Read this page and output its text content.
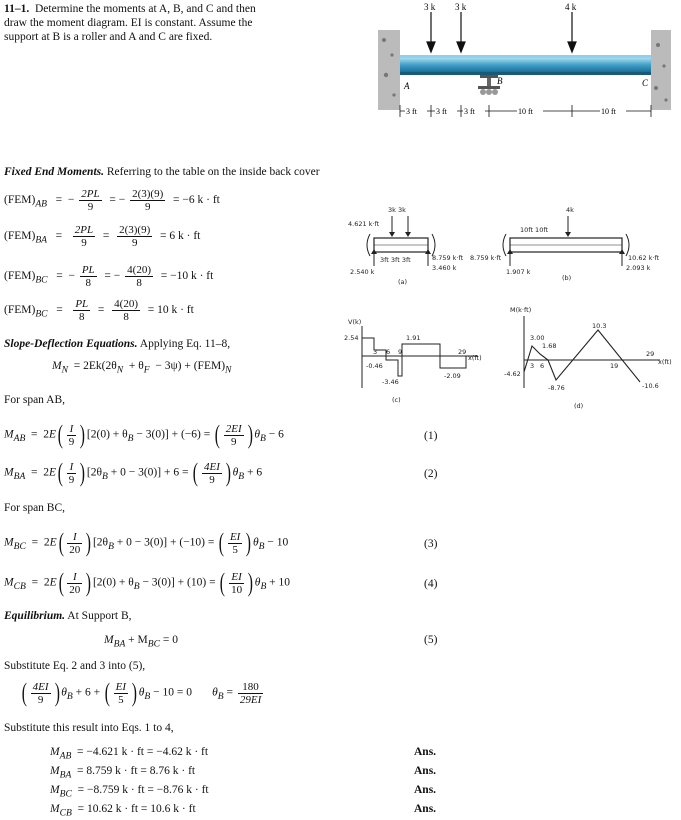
11–1. Determine the moments at A, B, and C and then
draw the moment diagram. EI is constant. Assume the
support at B is a roller and A and C are fixed.
3 k 3 k	4 k
A	B	C
3 ft 3 ft 3 ft	10 ft	10 ft
Fixed End Moments. Referring to the table on the inside back cover
$(FEM)_{AB}$   =  − $\frac{2PL}{9}$ = − $\frac{2(3)(9)}{9} = -6$ k · ft
$(FEM)_{BA} = \frac{2PL}{9} = \frac{2(3)(9)}{9} = 6$ k · ft
$(FEM)_{BC}$   =  − $\frac{PL}{8}$ = − $\frac{4(20)}{8} = -10$ k · ft
$(FEM)_{BC} = \frac{PL}{8} = \frac{4(20)}{8} = 10$ k · ft
Slope-Deflection Equations. Applying Eq. 11–8,
$M_N = 2Ek(2\theta_N + \theta_F - 3\psi) + (FEM)_N$
For span AB,
$M_{AB} = 2E( \frac{I}{9}$ ) $[2(0) + \theta_B - 3(0)] + (-6)$ = ( $\frac{2EI}{9}$ ) $\theta_B - 6$	(1)
$M_{BA} = 2E( \frac{I}{9}$ ) $[2\theta_B + 0 - 3(0)] + 6$ = ( $\frac{4EI}{9}$ ) $\theta_B + 6$	(2)
For span BC,
$M_{BC} = 2E( \frac{I}{20}$ ) $[2\theta_B + 0 - 3(0)] + (-10)$ = ( $\frac{EI}{5}$ ) $\theta_B - 10$	(3)
$M_{CB} = 2E( \frac{I}{20}$ ) $[2(0) + \theta_B - 3(0)] + (10)$ = ( $\frac{EI}{10}$ ) $\theta_B + 10$	(4)
Equilibrium. At Support B,
$M_{BA} + M_{BC} = 0$	(5)
Substitute Eq. 2 and 3 into (5),
( $\frac{4EI}{9}$ ) $\theta_B + 6$ + ( $\frac{EI}{5}$ ) $\theta_B - 10 = 0$ $\theta_B = \frac{180}{29EI}$
Substitute this result into Eqs. 1 to 4,
$M_{AB} = -4.621$ k · ft = −4.62 k · ft	Ans.
$M_{BA} = 8.759$ k · ft = 8.76 k · ft	Ans.
$M_{BC} = -8.759$ k · ft = −8.76 k · ft	Ans.
$M_{CB} = 10.62$ k · ft = 10.6 k · ft	Ans.
3k 3k
4.621 k·ft
2.540 k
3ft 3ft 3ft	8.759 k·ft
3.460 k
(a)
4k
10ft 10ft
8.759 k·ft
1.907 k
10.62 k·ft
2.093 k
(b)
V(k)
2.54	1.91
-0.46
-3.46
-2.09
3 6 9	29
x(ft)
(c)
M(k·ft)
3.00
1.68
10.3
-4.62
-8.76	-10.6
3 6	19
29
x(ft)
(d)
